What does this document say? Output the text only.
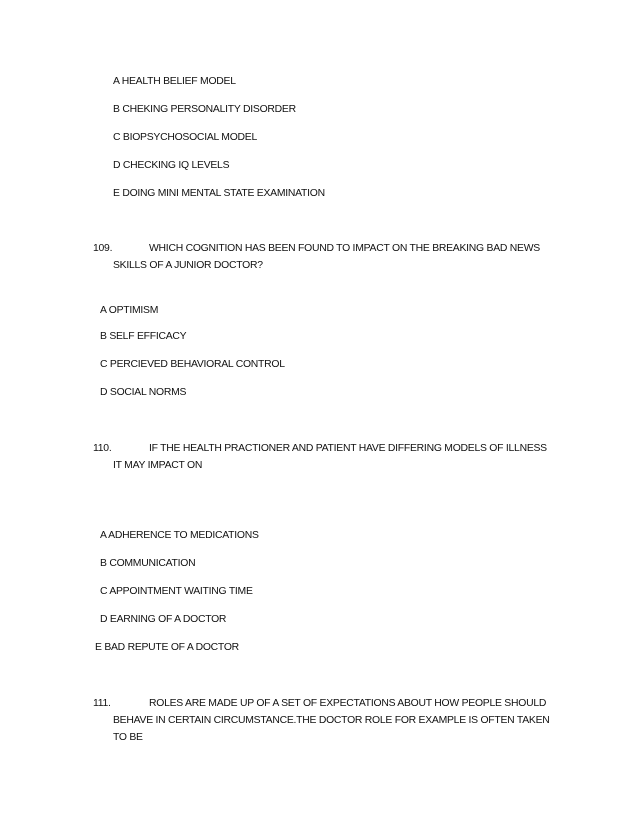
A HEALTH BELIEF MODEL
B CHEKING PERSONALITY DISORDER
C BIOPSYCHOSOCIAL MODEL
D CHECKING IQ LEVELS
E DOING MINI MENTAL STATE EXAMINATION
109.	WHICH COGNITION HAS BEEN FOUND TO IMPACT ON THE BREAKING BAD NEWS
SKILLS OF A JUNIOR DOCTOR?
A OPTIMISM
B SELF EFFICACY
C PERCIEVED BEHAVIORAL CONTROL
D SOCIAL NORMS
110.	IF THE HEALTH PRACTIONER AND PATIENT HAVE DIFFERING MODELS OF ILLNESS
IT MAY IMPACT ON
A ADHERENCE TO MEDICATIONS
B COMMUNICATION
C APPOINTMENT WAITING TIME
D EARNING OF A DOCTOR
E BAD REPUTE OF A DOCTOR
111.	ROLES ARE MADE UP OF A SET OF EXPECTATIONS ABOUT HOW PEOPLE SHOULD
BEHAVE IN CERTAIN CIRCUMSTANCE.THE DOCTOR ROLE FOR EXAMPLE IS OFTEN TAKEN
TO BE
